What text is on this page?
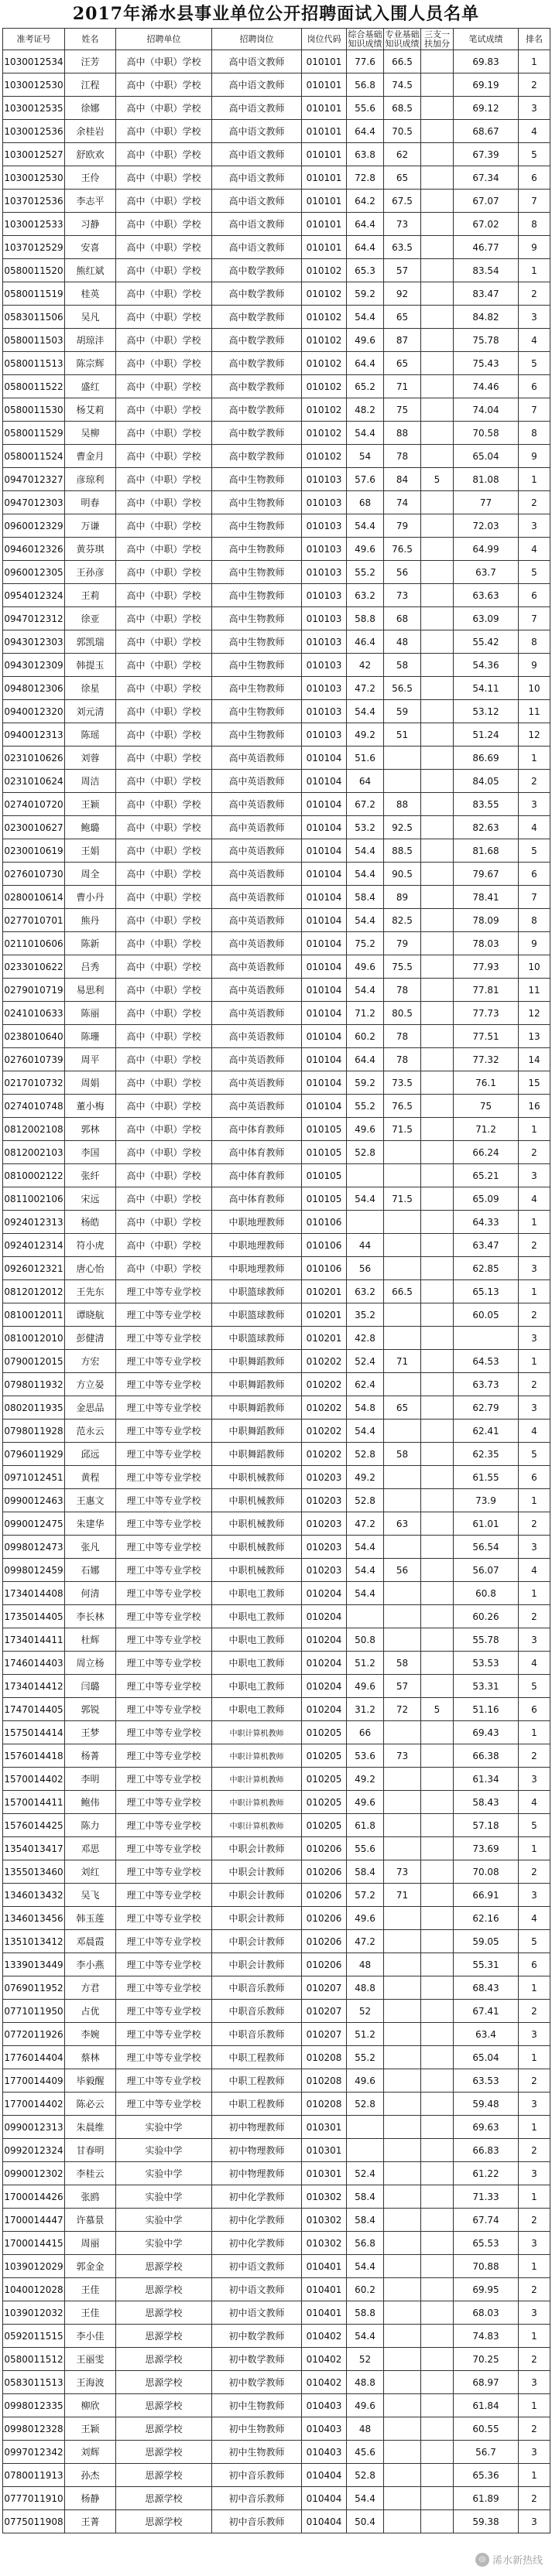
2017年浠水县事业单位公开招聘面试入围人员名单
准考证号	姓名	招聘单位	招聘岗位	岗位代码	综合基础知识成绩	专业基础知识成绩	三支一扶加分	笔试成绩	排名
1030012534	汪芳	高中（中职）学校	高中语文教师	010101	77.6	66.5		69.83	1
1030012530	江程	高中（中职）学校	高中语文教师	010101	56.8	74.5		69.19	2
1030012535	徐娜	高中（中职）学校	高中语文教师	010101	55.6	68.5		69.12	3
1030012536	余桂岩	高中（中职）学校	高中语文教师	010101	64.4	70.5		68.67	4
1030012527	舒欧欢	高中（中职）学校	高中语文教师	010101	63.8	62		67.39	5
1030012530	王伶	高中（中职）学校	高中语文教师	010101	72.8	65		67.34	6
1037012536	李志平	高中（中职）学校	高中语文教师	010101	64.2	67.5		67.07	7
1030012533	习静	高中（中职）学校	高中语文教师	010101	64.4	73		67.02	8
1037012529	安喜	高中（中职）学校	高中语文教师	010101	64.4	63.5		46.77	9
0580011520	熊红斌	高中（中职）学校	高中数学教师	010102	65.3	57		83.54	1
0580011519	桂英	高中（中职）学校	高中数学教师	010102	59.2	92		83.47	2
0583011506	吴凡	高中（中职）学校	高中数学教师	010102	54.4	65		84.82	3
0580011503	胡琼沣	高中（中职）学校	高中数学教师	010102	49.6	87		75.78	4
0580011513	陈宗辉	高中（中职）学校	高中数学教师	010102	64.4	65		75.43	5
0580011522	盛红	高中（中职）学校	高中数学教师	010102	65.2	71		74.46	6
0580011530	杨艾莉	高中（中职）学校	高中数学教师	010102	48.2	75		74.04	7
0580011529	吴柳	高中（中职）学校	高中数学教师	010102	54.4	88		70.58	8
0580011524	曹金月	高中（中职）学校	高中数学教师	010102	54	78		65.04	9
0947012327	彦琼利	高中（中职）学校	高中生物教师	010103	57.6	84	5	81.08	1
0947012303	明春	高中（中职）学校	高中生物教师	010103	68	74		77	2
0960012329	万谦	高中（中职）学校	高中生物教师	010103	54.4	79		72.03	3
0946012326	黄芬琪	高中（中职）学校	高中生物教师	010103	49.6	76.5		64.99	4
0960012305	王孙彦	高中（中职）学校	高中生物教师	010103	55.2	56		63.7	5
0954012324	王莉	高中（中职）学校	高中生物教师	010103	63.2	73		63.63	6
0947012312	徐亚	高中（中职）学校	高中生物教师	010103	58.8	68		63.09	7
0943012303	郭凯瑞	高中（中职）学校	高中生物教师	010103	46.4	48		55.42	8
0943012309	韩提玉	高中（中职）学校	高中生物教师	010103	42	58		54.36	9
0948012306	徐星	高中（中职）学校	高中生物教师	010103	47.2	56.5		54.11	10
0940012320	刘元清	高中（中职）学校	高中生物教师	010103	54.4	59		53.12	11
0940012313	陈瑶	高中（中职）学校	高中生物教师	010103	49.2	51		51.24	12
0231010626	刘蓉	高中（中职）学校	高中英语教师	010104	51.6			86.69	1
0231010624	周洁	高中（中职）学校	高中英语教师	010104	64			84.05	2
0274010720	王颖	高中（中职）学校	高中英语教师	010104	67.2	88		83.55	3
0230010627	鲍璐	高中（中职）学校	高中英语教师	010104	53.2	92.5		82.63	4
0230010619	王娟	高中（中职）学校	高中英语教师	010104	54.4	88.5		81.68	5
0276010730	周全	高中（中职）学校	高中英语教师	010104	54.4	90.5		79.67	6
0280010614	曹小丹	高中（中职）学校	高中英语教师	010104	58.4	89		78.41	7
0277010701	熊丹	高中（中职）学校	高中英语教师	010104	54.4	82.5		78.09	8
0211010606	陈新	高中（中职）学校	高中英语教师	010104	75.2	79		78.03	9
0233010622	吕秀	高中（中职）学校	高中英语教师	010104	49.6	75.5		77.93	10
0279010719	易思利	高中（中职）学校	高中英语教师	010104	54.4	78		77.81	11
0241010633	陈丽	高中（中职）学校	高中英语教师	010104	71.2	80.5		77.73	12
0238010640	陈珊	高中（中职）学校	高中英语教师	010104	60.2	78		77.51	13
0276010739	周平	高中（中职）学校	高中英语教师	010104	64.4	78		77.32	14
0217010732	周娟	高中（中职）学校	高中英语教师	010104	59.2	73.5		76.1	15
0274010748	董小梅	高中（中职）学校	高中英语教师	010104	55.2	76.5		75	16
0812002108	郭林	高中（中职）学校	高中体育教师	010105	49.6	71.5		71.2	1
0812002103	李国	高中（中职）学校	高中体育教师	010105	52.8			66.24	2
0810002122	张纤	高中（中职）学校	高中体育教师	010105				65.21	3
0811002106	宋远	高中（中职）学校	高中体育教师	010105	54.4	71.5		65.09	4
0924012313	杨皓	高中（中职）学校	中职地理教师	010106				64.33	1
0924012314	符小虎	高中（中职）学校	中职地理教师	010106	44			63.47	2
0926012321	唐心怡	高中（中职）学校	中职地理教师	010106	56			62.85	3
0812012012	王先东	理工中等专业学校	中职篮球教师	010201	63.2	66.5		65.13	1
0810012011	谭晓航	理工中等专业学校	中职篮球教师	010201	35.2			60.05	2
0810012010	彭健清	理工中等专业学校	中职篮球教师	010201	42.8				3
0790012015	方宏	理工中等专业学校	中职舞蹈教师	010202	52.4	71		64.53	1
0798011932	方立晏	理工中等专业学校	中职舞蹈教师	010202	62.4			63.73	2
0802011935	金思品	理工中等专业学校	中职舞蹈教师	010202	54.8	65		62.79	3
0798011928	范永云	理工中等专业学校	中职舞蹈教师	010202	54.4			62.41	4
0796011929	邱远	理工中等专业学校	中职舞蹈教师	010202	52.8	58		62.35	5
0971012451	黄程	理工中等专业学校	中职机械教师	010203	49.2			61.55	6
0990012463	王惠文	理工中等专业学校	中职机械教师	010203	52.8			73.9	1
0990012475	朱建华	理工中等专业学校	中职机械教师	010203	47.2	63		61.01	2
0998012473	张凡	理工中等专业学校	中职机械教师	010203	54.4			56.54	3
0998012459	石娜	理工中等专业学校	中职机械教师	010203	54.4	56		56.07	4
1734014408	何清	理工中等专业学校	中职电工教师	010204	54.4			60.8	1
1735014405	李长林	理工中等专业学校	中职电工教师	010204				60.26	2
1734014411	杜辉	理工中等专业学校	中职电工教师	010204	50.8			55.78	3
1746014403	周立杨	理工中等专业学校	中职电工教师	010204	51.2	58		53.53	4
1734014412	闫璐	理工中等专业学校	中职电工教师	010204	49.6	57		53.31	5
1747014405	郭锐	理工中等专业学校	中职电工教师	010204	31.2	72	5	51.16	6
1575014414	王梦	理工中等专业学校	中职计算机教师	010205	66			69.43	1
1576014418	杨菁	理工中等专业学校	中职计算机教师	010205	53.6	73		66.38	2
1570014402	李明	理工中等专业学校	中职计算机教师	010205	49.2			61.34	3
1570014411	鲍伟	理工中等专业学校	中职计算机教师	010205	49.6			58.43	4
1576014425	陈力	理工中等专业学校	中职计算机教师	010205	61.8			57.18	5
1354013417	邓思	理工中等专业学校	中职会计教师	010206	55.6			73.69	1
1355013460	刘红	理工中等专业学校	中职会计教师	010206	58.4	73		70.08	2
1346013432	吴飞	理工中等专业学校	中职会计教师	010206	57.2	71		66.91	3
1346013456	韩玉莲	理工中等专业学校	中职会计教师	010206	49.6			62.16	4
1351013412	邓晨霞	理工中等专业学校	中职会计教师	010206	47.2			59.05	5
1339013449	李小燕	理工中等专业学校	中职会计教师	010206	48			55.31	6
0769011952	方君	理工中等专业学校	中职音乐教师	010207	48.8			68.43	1
0771011950	占优	理工中等专业学校	中职音乐教师	010207	52			67.41	2
0772011926	李婉	理工中等专业学校	中职音乐教师	010207	51.2			63.4	3
1776014404	蔡林	理工中等专业学校	中职工程教师	010208	55.2			65.04	1
1770014409	毕毅醒	理工中等专业学校	中职工程教师	010208	49.6			63.53	2
1770014402	陈必云	理工中等专业学校	中职工程教师	010208	52.8			59.48	3
0990012313	朱晨维	实验中学	初中物理教师	010301				69.63	1
0992012324	甘春明	实验中学	初中物理教师	010301				66.83	2
0990012302	李桂云	实验中学	初中物理教师	010301	52.4			61.22	3
1700014426	张鸥	实验中学	初中化学教师	010302	58.4			71.33	1
1700014447	许慕景	实验中学	初中化学教师	010302	58.4			67.74	2
1700014415	周丽	实验中学	初中化学教师	010302	56.8			65.53	3
1039012029	郭金金	思源学校	初中语文教师	010401	54.4			70.88	1
1040012028	王佳	思源学校	初中语文教师	010401	60.2			69.95	2
1039012032	王佳	思源学校	初中语文教师	010401	58.8			68.03	3
0592011515	李小佳	思源学校	初中数学教师	010402	54.4			74.83	1
0580011512	王丽雯	思源学校	初中数学教师	010402	52			70.25	2
0583011513	王海波	思源学校	初中数学教师	010402	48.8			68.97	3
0998012335	柳欣	思源学校	初中生物教师	010403	49.6			61.84	1
0998012328	王颖	思源学校	初中生物教师	010403	48			60.55	2
0997012342	刘辉	思源学校	初中生物教师	010403	45.6			56.7	3
0780011913	孙杰	思源学校	初中音乐教师	010404	52.8			65.36	1
0777011910	杨静	思源学校	初中音乐教师	010404	54.4			61.89	2
0775011908	王菁	思源学校	初中音乐教师	010404	50.4			59.38	3
◎ 浠水新热线
